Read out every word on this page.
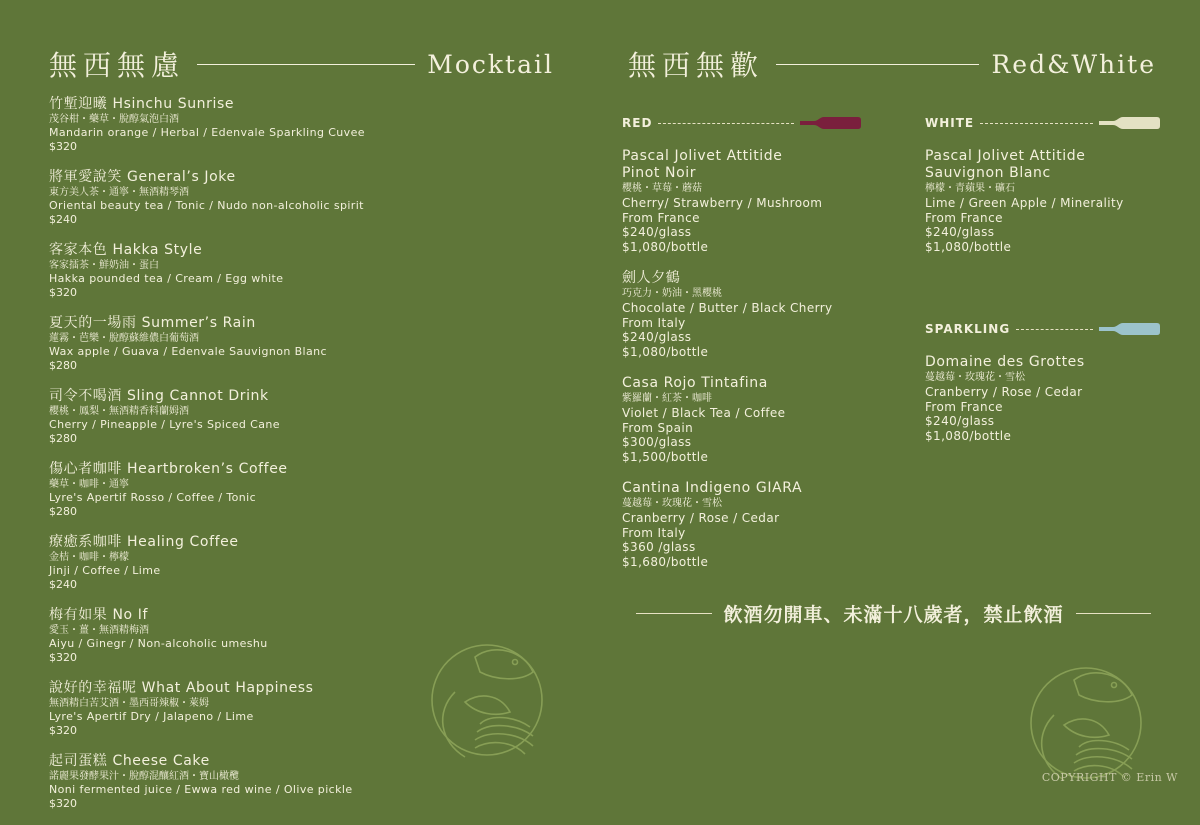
無西無慮	Mocktail
竹塹迎曦 Hsinchu Sunrise
茂谷柑・藥草・脫醇氣泡白酒
Mandarin orange / Herbal / Edenvale Sparkling Cuvee
$320
將軍愛說笑 General’s Joke
東方美人茶・通寧・無酒精琴酒
Oriental beauty tea / Tonic / Nudo non-alcoholic spirit
$240
客家本色 Hakka Style
客家擂茶・鮮奶油・蛋白
Hakka pounded tea / Cream / Egg white
$320
夏天的一場雨 Summer’s Rain
蓮霧・芭樂・脫醇蘇維儂白葡萄酒
Wax apple / Guava / Edenvale Sauvignon Blanc
$280
司令不喝酒 Sling Cannot Drink
櫻桃・鳳梨・無酒精香料蘭姆酒
Cherry / Pineapple / Lyre's Spiced Cane
$280
傷心者咖啡 Heartbroken’s Coffee
藥草・咖啡・通寧
Lyre's Apertif Rosso / Coffee / Tonic
$280
療癒系咖啡 Healing Coffee
金桔・咖啡・檸檬
Jinji / Coffee / Lime
$240
梅有如果 No If
愛玉・薑・無酒精梅酒
Aiyu / Ginegr / Non-alcoholic umeshu
$320
說好的幸福呢 What About Happiness
無酒精白苦艾酒・墨西哥辣椒・萊姆
Lyre's Apertif Dry / Jalapeno / Lime
$320
起司蛋糕 Cheese Cake
諾麗果發酵果汁・脫醇混釀紅酒・寶山橄欖
Noni fermented juice / Ewwa red wine / Olive pickle
$320
無西無歡	Red&White
RED
Pascal Jolivet Attitide
Pinot Noir
櫻桃・草莓・蘑菇
Cherry/ Strawberry / Mushroom
From France
$240/glass
$1,080/bottle
劍人夕鶴
巧克力・奶油・黑櫻桃
Chocolate / Butter / Black Cherry
From Italy
$240/glass
$1,080/bottle
Casa Rojo Tintafina
紫羅蘭・紅茶・咖啡
Violet / Black Tea / Coffee
From Spain
$300/glass
$1,500/bottle
Cantina Indigeno GIARA
蔓越莓・玫瑰花・雪松
Cranberry / Rose / Cedar
From Italy
$360 /glass
$1,680/bottle
WHITE
Pascal Jolivet Attitide
Sauvignon Blanc
檸檬・青蘋果・礦石
Lime / Green Apple / Minerality
From France
$240/glass
$1,080/bottle
SPARKLING
Domaine des Grottes
蔓越莓・玫瑰花・雪松
Cranberry / Rose / Cedar
From France
$240/glass
$1,080/bottle
飲酒勿開車、未滿十八歲者，禁止飲酒
COPYRIGHT © Erin W
